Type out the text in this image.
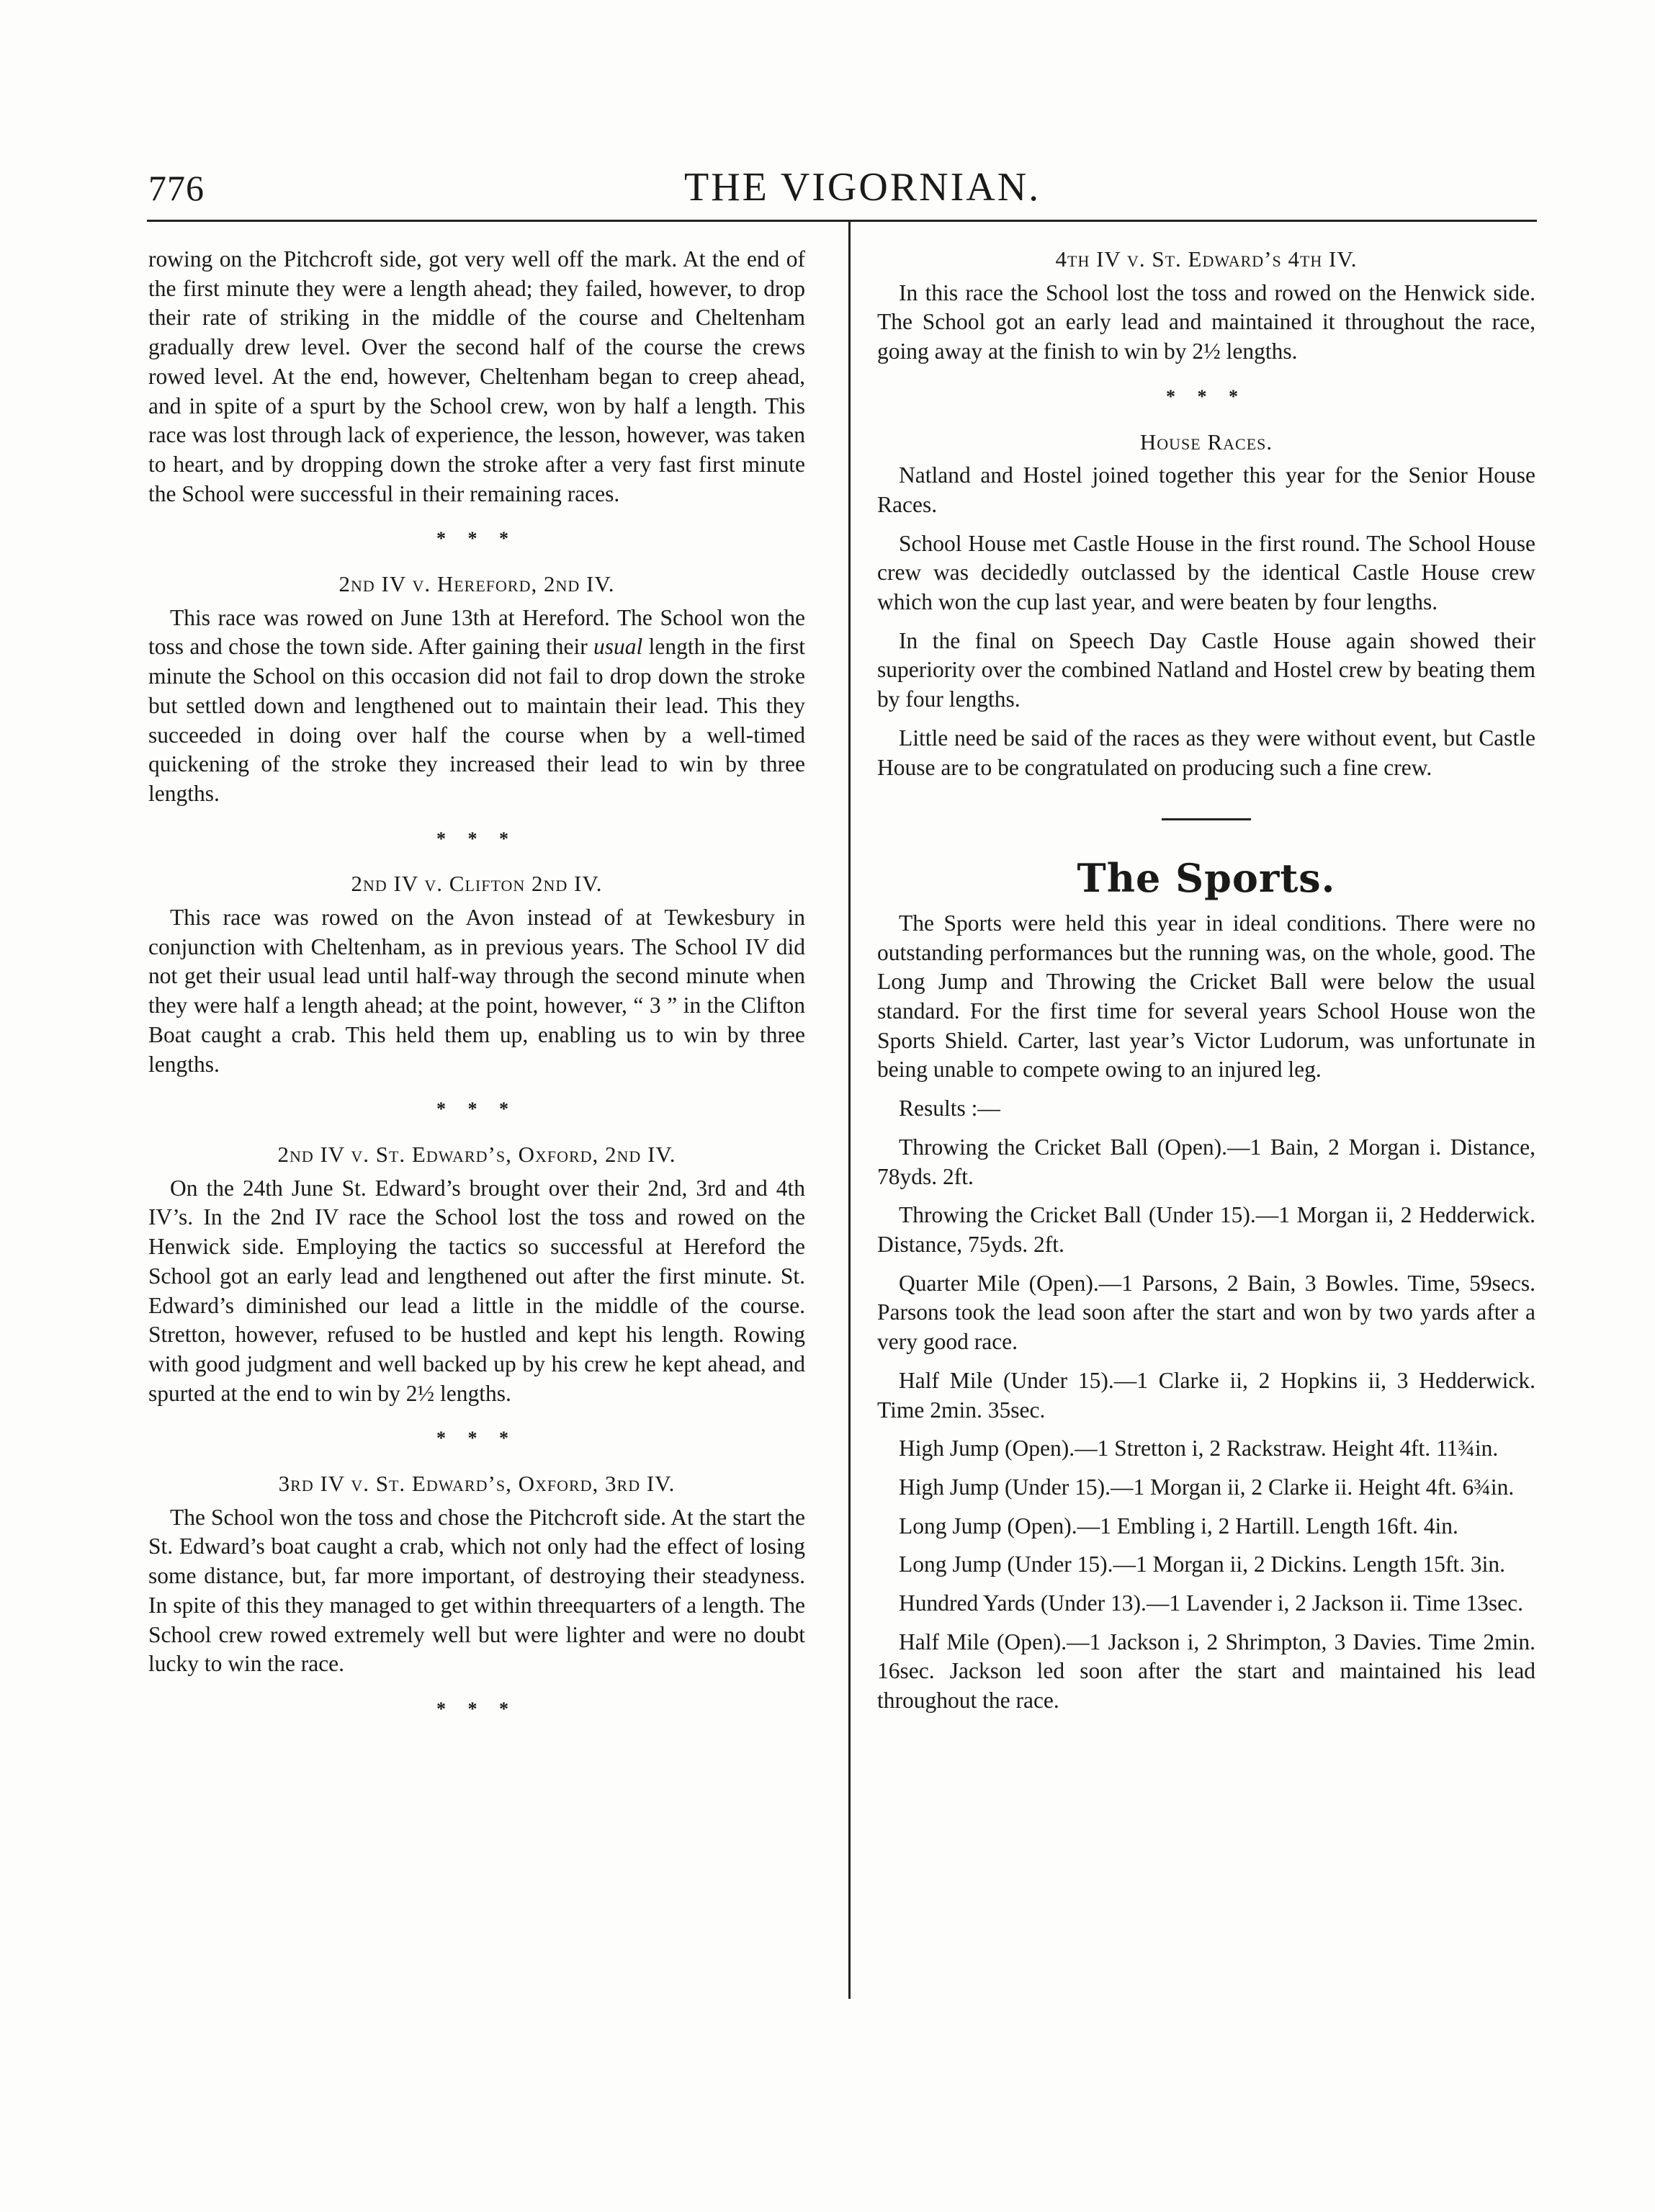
776	THE VIGORNIAN.

rowing on the Pitchcroft side, got very well off the mark. At the end of the first minute they were a length ahead; they failed, however, to drop their rate of striking in the middle of the course and Cheltenham gradually drew level. Over the second half of the course the crews rowed level. At the end, however, Cheltenham began to creep ahead, and in spite of a spurt by the School crew, won by half a length. This race was lost through lack of experience, the lesson, however, was taken to heart, and by dropping down the stroke after a very fast first minute the School were successful in their remaining races.

* * *
2nd IV v. Hereford, 2nd IV.

This race was rowed on June 13th at Hereford. The School won the toss and chose the town side. After gaining their usual length in the first minute the School on this occasion did not fail to drop down the stroke but settled down and lengthened out to maintain their lead. This they succeeded in doing over half the course when by a well-timed quickening of the stroke they increased their lead to win by three lengths.

* * *
2nd IV v. Clifton 2nd IV.

This race was rowed on the Avon instead of at Tewkesbury in conjunction with Cheltenham, as in previous years. The School IV did not get their usual lead until half-way through the second minute when they were half a length ahead; at the point, however, “ 3 ” in the Clifton Boat caught a crab. This held them up, enabling us to win by three lengths.

* * *
2nd IV v. St. Edward’s, Oxford, 2nd IV.

On the 24th June St. Edward’s brought over their 2nd, 3rd and 4th IV’s. In the 2nd IV race the School lost the toss and rowed on the Henwick side. Employing the tactics so successful at Hereford the School got an early lead and lengthened out after the first minute. St. Edward’s diminished our lead a little in the middle of the course. Stretton, however, refused to be hustled and kept his length. Rowing with good judgment and well backed up by his crew he kept ahead, and spurted at the end to win by 2½ lengths.

* * *
3rd IV v. St. Edward’s, Oxford, 3rd IV.

The School won the toss and chose the Pitchcroft side. At the start the St. Edward’s boat caught a crab, which not only had the effect of losing some distance, but, far more important, of destroying their steadyness. In spite of this they managed to get within threequarters of a length. The School crew rowed extremely well but were lighter and were no doubt lucky to win the race.

* * *
4th IV v. St. Edward’s 4th IV.

In this race the School lost the toss and rowed on the Henwick side. The School got an early lead and maintained it throughout the race, going away at the finish to win by 2½ lengths.

* * *
House Races.

Natland and Hostel joined together this year for the Senior House Races.

School House met Castle House in the first round. The School House crew was decidedly outclassed by the identical Castle House crew which won the cup last year, and were beaten by four lengths.

In the final on Speech Day Castle House again showed their superiority over the combined Natland and Hostel crew by beating them by four lengths.

Little need be said of the races as they were without event, but Castle House are to be congratulated on producing such a fine crew.

The Sports.

The Sports were held this year in ideal conditions. There were no outstanding performances but the running was, on the whole, good. The Long Jump and Throwing the Cricket Ball were below the usual standard. For the first time for several years School House won the Sports Shield. Carter, last year’s Victor Ludorum, was unfortunate in being unable to compete owing to an injured leg.

Results :—

Throwing the Cricket Ball (Open).—1 Bain, 2 Morgan i. Distance, 78yds. 2ft.

Throwing the Cricket Ball (Under 15).—1 Morgan ii, 2 Hedderwick. Distance, 75yds. 2ft.

Quarter Mile (Open).—1 Parsons, 2 Bain, 3 Bowles. Time, 59secs. Parsons took the lead soon after the start and won by two yards after a very good race.

Half Mile (Under 15).—1 Clarke ii, 2 Hopkins ii, 3 Hedderwick. Time 2min. 35sec.

High Jump (Open).—1 Stretton i, 2 Rackstraw. Height 4ft. 11¾in.

High Jump (Under 15).—1 Morgan ii, 2 Clarke ii. Height 4ft. 6¾in.

Long Jump (Open).—1 Embling i, 2 Hartill. Length 16ft. 4in.

Long Jump (Under 15).—1 Morgan ii, 2 Dickins. Length 15ft. 3in.

Hundred Yards (Under 13).—1 Lavender i, 2 Jackson ii. Time 13sec.

Half Mile (Open).—1 Jackson i, 2 Shrimpton, 3 Davies. Time 2min. 16sec. Jackson led soon after the start and maintained his lead throughout the race.
